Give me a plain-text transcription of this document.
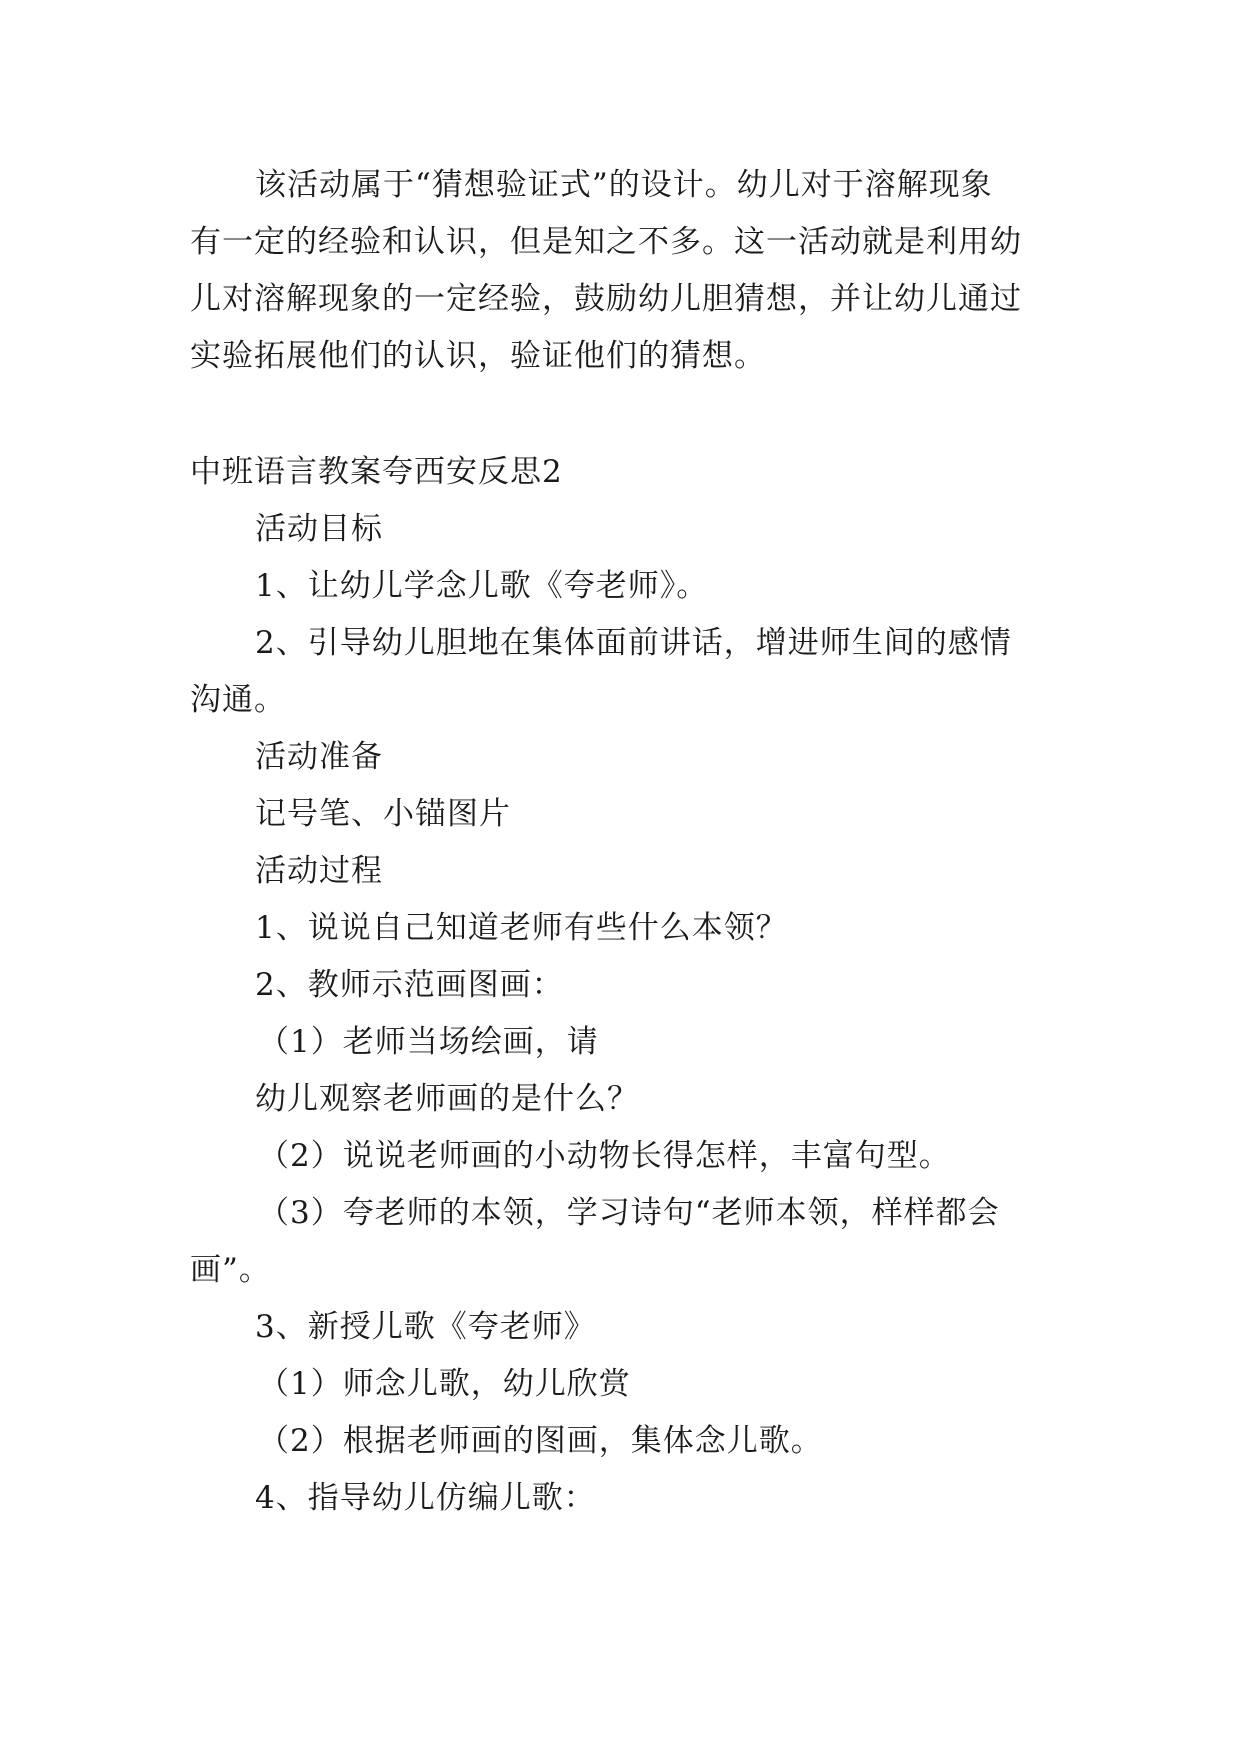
该活动属于“猜想验证式”的设计。幼儿对于溶解现象
有一定的经验和认识，但是知之不多。这一活动就是利用幼
儿对溶解现象的一定经验，鼓励幼儿胆猜想，并让幼儿通过
实验拓展他们的认识，验证他们的猜想。
中班语言教案夸西安反思2
活动目标
1、让幼儿学念儿歌《夸老师》。
2、引导幼儿胆地在集体面前讲话，增进师生间的感情
沟通。
活动准备
记号笔、小锚图片
活动过程
1、说说自己知道老师有些什么本领？
2、教师示范画图画：
（1）老师当场绘画，请
幼儿观察老师画的是什么？
（2）说说老师画的小动物长得怎样，丰富句型。
（3）夸老师的本领，学习诗句“老师本领，样样都会
画”。
3、新授儿歌《夸老师》
（1）师念儿歌，幼儿欣赏
（2）根据老师画的图画，集体念儿歌。
4、指导幼儿仿编儿歌：
